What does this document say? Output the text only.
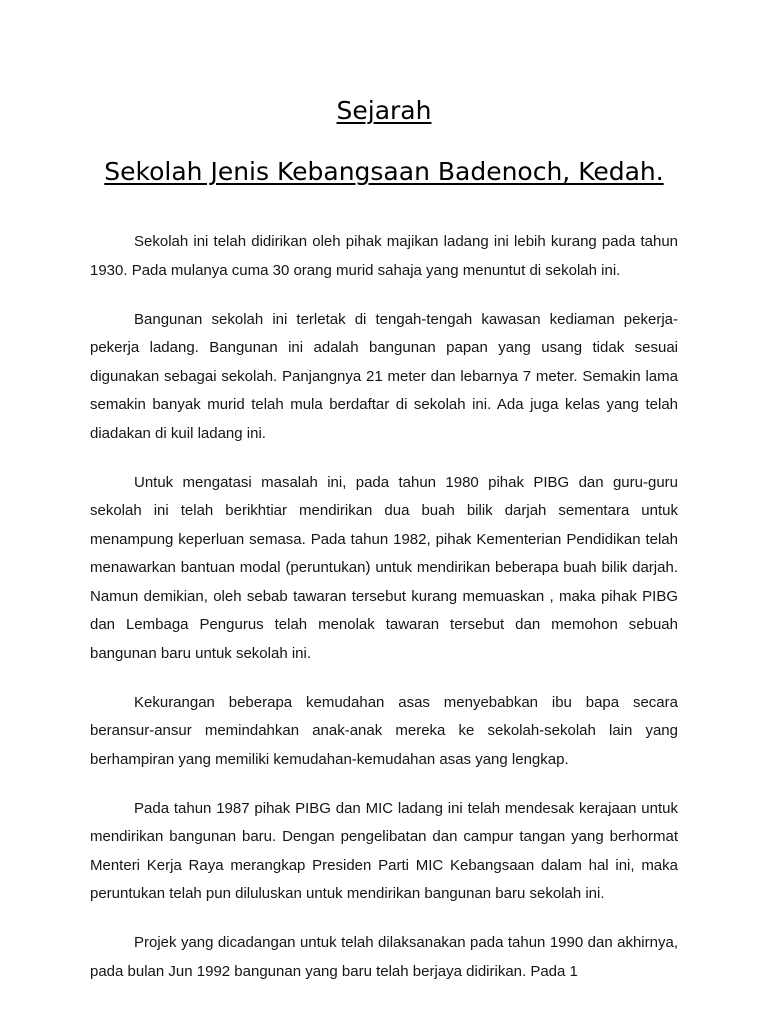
Sejarah
Sekolah Jenis Kebangsaan Badenoch, Kedah.

Sekolah ini telah didirikan oleh pihak majikan ladang ini lebih kurang pada tahun 1930. Pada mulanya cuma 30 orang murid sahaja yang menuntut di sekolah ini.

Bangunan sekolah ini terletak di tengah-tengah kawasan kediaman pekerja-pekerja ladang. Bangunan ini adalah bangunan papan yang usang tidak sesuai digunakan sebagai sekolah. Panjangnya 21 meter dan lebarnya 7 meter. Semakin lama semakin banyak murid telah mula berdaftar di sekolah ini. Ada juga kelas yang telah diadakan di kuil ladang ini.

Untuk mengatasi masalah ini, pada tahun 1980 pihak PIBG dan guru-guru sekolah ini telah berikhtiar mendirikan dua buah bilik darjah sementara untuk menampung keperluan semasa. Pada tahun 1982, pihak Kementerian Pendidikan telah menawarkan bantuan modal (peruntukan) untuk mendirikan beberapa buah bilik darjah. Namun demikian, oleh sebab tawaran tersebut kurang memuaskan , maka pihak PIBG dan Lembaga Pengurus telah menolak tawaran tersebut dan memohon sebuah bangunan baru untuk sekolah ini.

Kekurangan beberapa kemudahan asas menyebabkan ibu bapa secara beransur-ansur memindahkan anak-anak mereka ke sekolah-sekolah lain yang berhampiran yang memiliki kemudahan-kemudahan asas yang lengkap.

Pada tahun 1987 pihak PIBG dan MIC ladang ini telah mendesak kerajaan untuk mendirikan bangunan baru. Dengan pengelibatan dan campur tangan yang berhormat Menteri Kerja Raya merangkap Presiden Parti MIC Kebangsaan dalam hal ini, maka peruntukan telah pun diluluskan untuk mendirikan bangunan baru sekolah ini.

Projek yang dicadangan untuk telah dilaksanakan pada tahun 1990 dan akhirnya, pada bulan Jun 1992 bangunan yang baru telah berjaya didirikan. Pada 1
